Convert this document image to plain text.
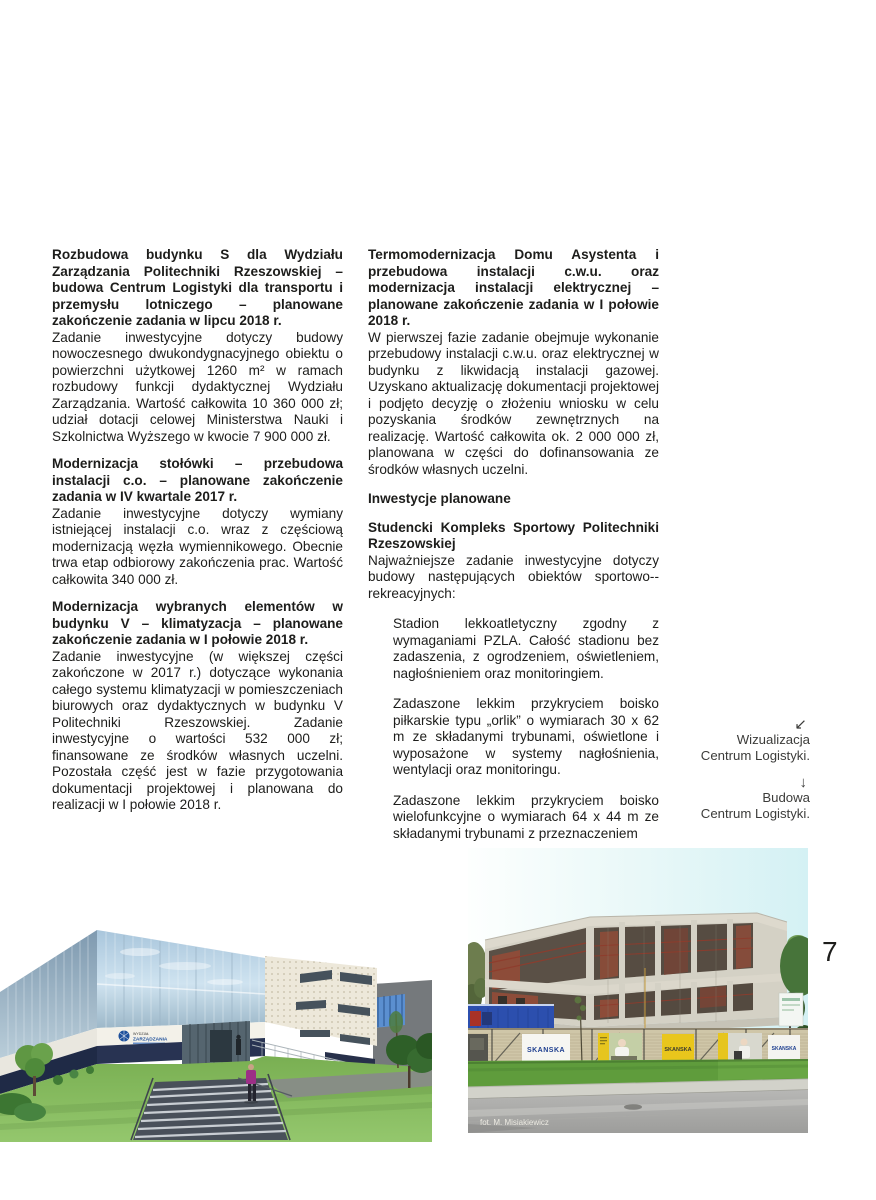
Rozbudowa budynku S dla Wydziału Zarządzania Politechniki Rzeszowskiej – budowa Centrum Logistyki dla transportu i przemysłu lotniczego – planowane zakończenie zadania w lipcu 2018 r.

Zadanie inwestycyjne dotyczy budowy nowoczesnego dwukondygnacyjnego obiektu o powierzchni użytkowej 1260 m² w ramach rozbudowy funkcji dydaktycznej Wydziału Zarządzania. Wartość całkowita 10 360 000 zł; udział dotacji celowej Ministerstwa Nauki i Szkolnictwa Wyższego w kwocie 7 900 000 zł.

Modernizacja stołówki – przebudowa instalacji c.o. – planowane zakończenie zadania w IV kwartale 2017 r.

Zadanie inwestycyjne dotyczy wymiany istniejącej instalacji c.o. wraz z częściową modernizacją węzła wymiennikowego. Obecnie trwa etap odbiorowy zakończenia prac. Wartość całkowita 340 000 zł.

Modernizacja wybranych elementów w budynku V – klimatyzacja – planowane zakończenie zadania w I połowie 2018 r.

Zadanie inwestycyjne (w większej części zakończone w 2017 r.) dotyczące wykonania całego systemu klimatyzacji w pomieszczeniach biurowych oraz dydaktycznych w budynku V Politechniki Rzeszowskiej. Zadanie inwestycyjne o wartości 532 000 zł; finansowane ze środków własnych uczelni. Pozostała część jest w fazie przygotowania dokumentacji projektowej i planowana do realizacji w I połowie 2018 r.

Termomodernizacja Domu Asystenta i przebudowa instalacji c.w.u. oraz modernizacja instalacji elektrycznej – planowane zakończenie zadania w I połowie 2018 r.

W pierwszej fazie zadanie obejmuje wykonanie przebudowy instalacji c.w.u. oraz elektrycznej w budynku z likwidacją instalacji gazowej. Uzyskano aktualizację dokumentacji projektowej i podjęto decyzję o złożeniu wniosku w celu pozyskania środków zewnętrznych na realizację. Wartość całkowita ok. 2 000 000 zł, planowana w części do dofinansowania ze środków własnych uczelni.

Inwestycje planowane

Studencki Kompleks Sportowy Politechniki Rzeszowskiej

Najważniejsze zadanie inwestycyjne dotyczy budowy następujących obiektów sportowo-​-rekreacyjnych:

Stadion lekkoatletyczny zgodny z wymaganiami PZLA. Całość stadionu bez zadaszenia, z ogrodzeniem, oświetleniem, nagłośnieniem oraz monitoringiem.

Zadaszone lekkim przykryciem boisko piłkarskie typu „orlik” o wymiarach 30 x 62 m ze składanymi trybunami, oświetlone i wyposażone w systemy nagłośnienia, wentylacji oraz monitoringu.

Zadaszone lekkim przykryciem boisko wielofunkcyjne o wymiarach 64 x 44 m ze składanymi trybunami z przeznaczeniem

↙
Wizualizacja
Centrum Logistyki.
↓
Budowa
Centrum Logistyki.
7
WYDZIAŁ
ZARZĄDZANIA
SKANSKA	SKANSKA	SKANSKA
fot. M. Misiakiewicz
